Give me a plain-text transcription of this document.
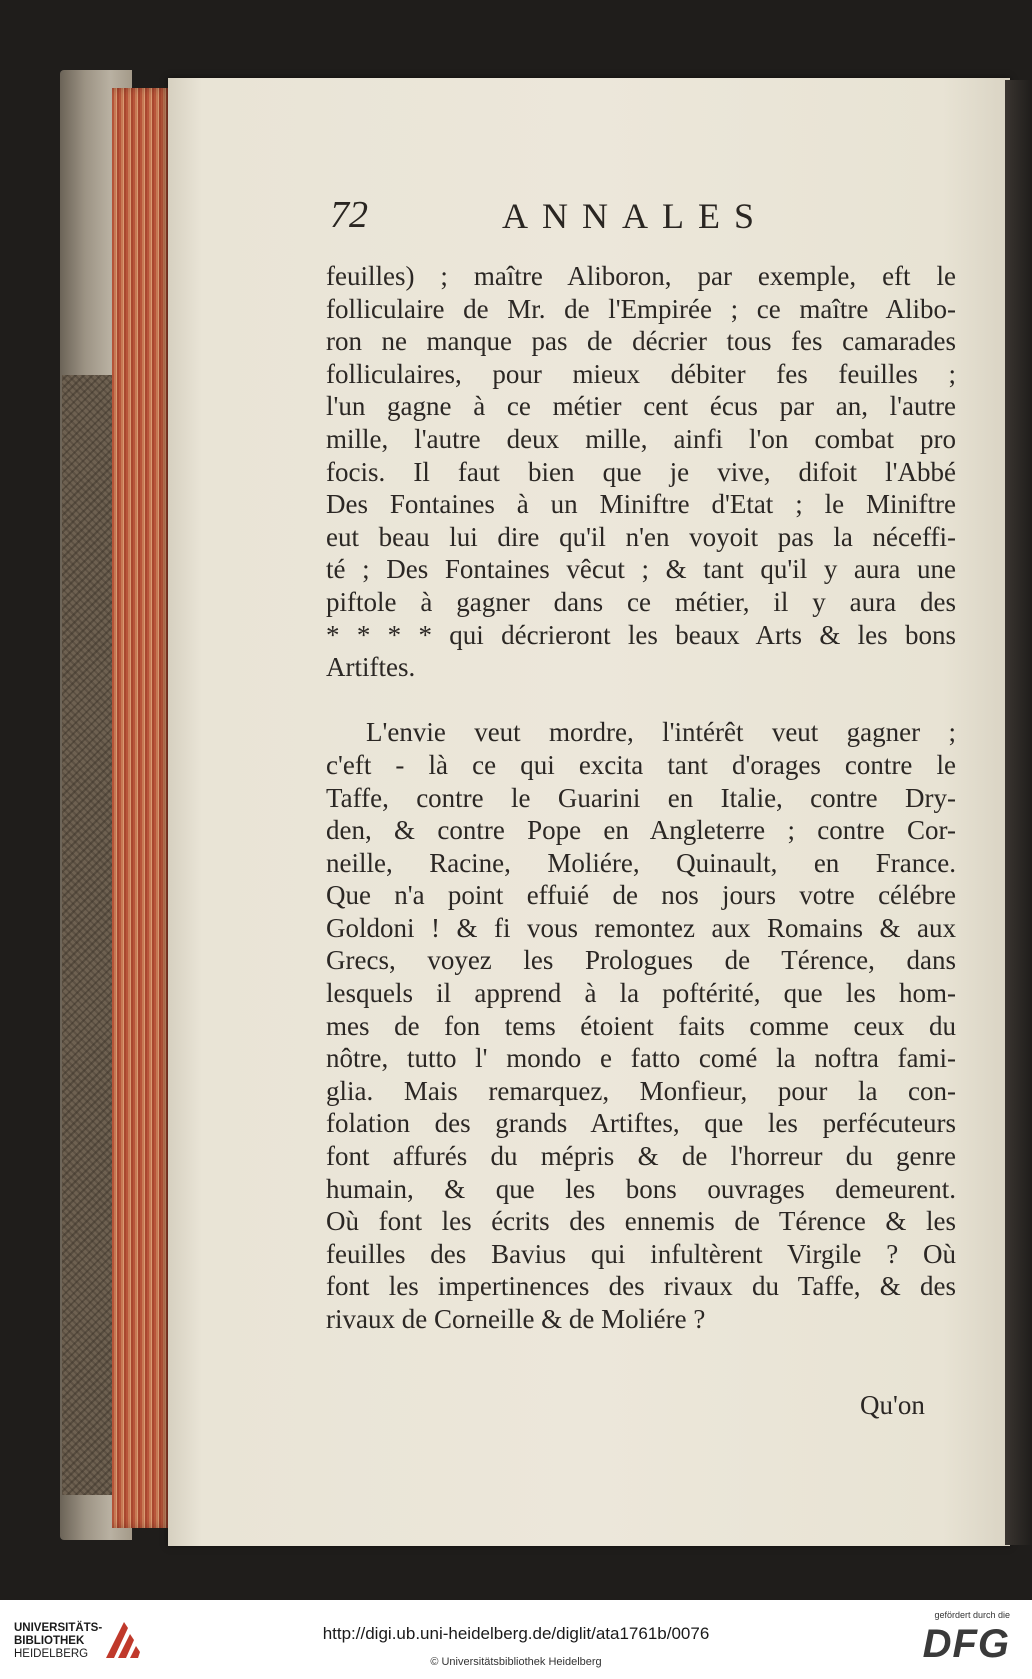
72	ANNALES
feuilles) ; maître Aliboron, par exemple, eft le
folliculaire de Mr. de l'Empirée ; ce maître Alibo-
ron ne manque pas de décrier tous fes camarades
folliculaires, pour mieux débiter fes feuilles ;
l'un gagne à ce métier cent écus par an, l'autre
mille, l'autre deux mille, ainfi l'on combat pro
focis. Il faut bien que je vive, difoit l'Abbé
Des Fontaines à un Miniftre d'Etat ; le Miniftre
eut beau lui dire qu'il n'en voyoit pas la néceffi-
té ; Des Fontaines vêcut ; & tant qu'il y aura une
piftole à gagner dans ce métier, il y aura des
* * * * qui décrieront les beaux Arts & les bons
Artiftes.
L'envie veut mordre, l'intérêt veut gagner ;
c'eft - là ce qui excita tant d'orages contre le
Taffe, contre le Guarini en Italie, contre Dry-
den, & contre Pope en Angleterre ; contre Cor-
neille, Racine, Moliére, Quinault, en France.
Que n'a point effuié de nos jours votre célébre
Goldoni ! & fi vous remontez aux Romains & aux
Grecs, voyez les Prologues de Térence, dans
lesquels il apprend à la poftérité, que les hom-
mes de fon tems étoient faits comme ceux du
nôtre, tutto l' mondo e fatto comé la noftra fami-
glia. Mais remarquez, Monfieur, pour la con-
folation des grands Artiftes, que les perfécuteurs
font affurés du mépris & de l'horreur du genre
humain, & que les bons ouvrages demeurent.
Où font les écrits des ennemis de Térence & les
feuilles des Bavius qui infultèrent Virgile ? Où
font les impertinences des rivaux du Taffe, & des
rivaux de Corneille & de Moliére ?
Qu'on
UNIVERSITÄTS-
BIBLIOTHEK
HEIDELBERG
http://digi.ub.uni-heidelberg.de/diglit/ata1761b/0076
© Universitätsbibliothek Heidelberg
gefördert durch die
DFG
